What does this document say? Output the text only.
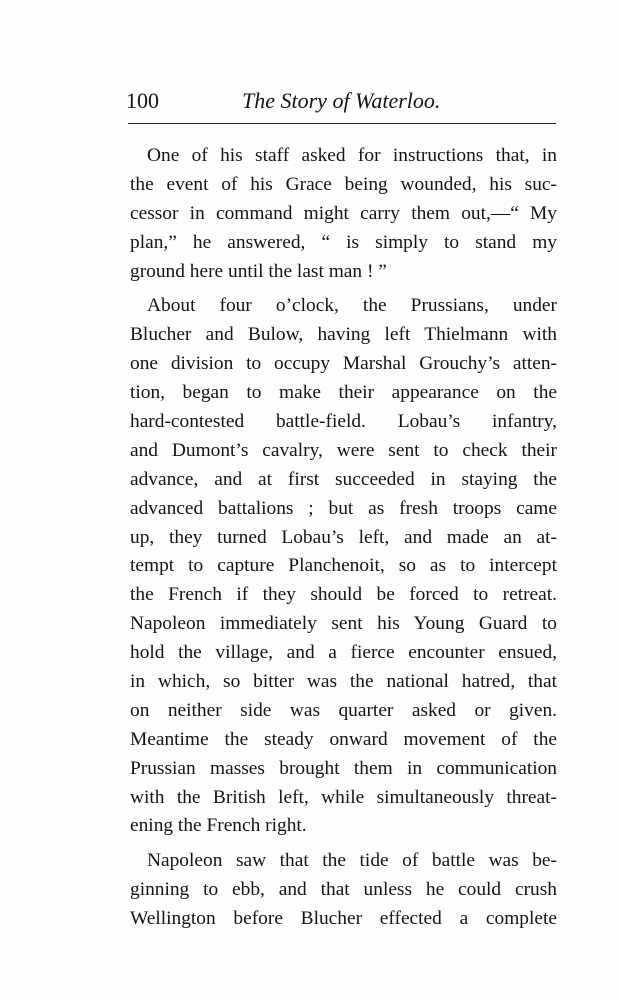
100	The Story of Waterloo.
One of his staff asked for instructions that, in
the event of his Grace being wounded, his suc-
cessor in command might carry them out,—“ My
plan,” he answered, “ is simply to stand my
ground here until the last man ! ”
About four o’clock, the Prussians, under
Blucher and Bulow, having left Thielmann with
one division to occupy Marshal Grouchy’s atten-
tion, began to make their appearance on the
hard-contested battle-field. Lobau’s infantry,
and Dumont’s cavalry, were sent to check their
advance, and at first succeeded in staying the
advanced battalions ; but as fresh troops came
up, they turned Lobau’s left, and made an at-
tempt to capture Planchenoit, so as to intercept
the French if they should be forced to retreat.
Napoleon immediately sent his Young Guard to
hold the village, and a fierce encounter ensued,
in which, so bitter was the national hatred, that
on neither side was quarter asked or given.
Meantime the steady onward movement of the
Prussian masses brought them in communication
with the British left, while simultaneously threat-
ening the French right.
Napoleon saw that the tide of battle was be-
ginning to ebb, and that unless he could crush
Wellington before Blucher effected a complete
